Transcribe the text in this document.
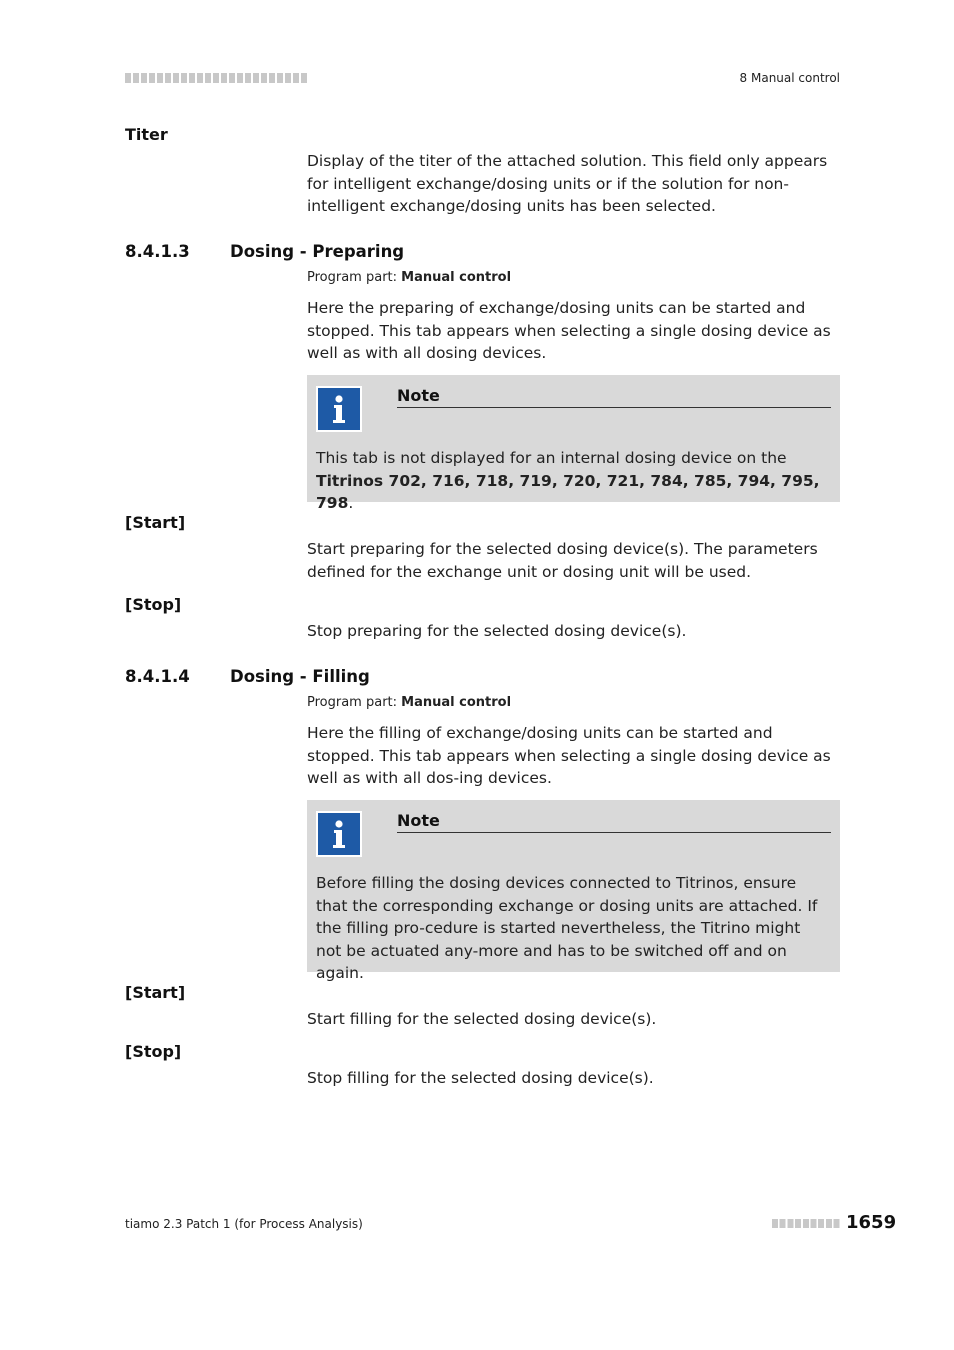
8 Manual control
Titer
Display of the titer of the attached solution. This field only appears for intelligent exchange/dosing units or if the solution for non-intelligent exchange/dosing units has been selected.
8.4.1.3 Dosing - Preparing
Program part: Manual control
Here the preparing of exchange/dosing units can be started and stopped. This tab appears when selecting a single dosing device as well as with all dosing devices.
Note
This tab is not displayed for an internal dosing device on the Titrinos 702, 716, 718, 719, 720, 721, 784, 785, 794, 795, 798.
[Start]
Start preparing for the selected dosing device(s). The parameters defined for the exchange unit or dosing unit will be used.
[Stop]
Stop preparing for the selected dosing device(s).
8.4.1.4 Dosing - Filling
Program part: Manual control
Here the filling of exchange/dosing units can be started and stopped. This tab appears when selecting a single dosing device as well as with all dos-ing devices.
Note
Before filling the dosing devices connected to Titrinos, ensure that the corresponding exchange or dosing units are attached. If the filling pro-cedure is started nevertheless, the Titrino might not be actuated any-more and has to be switched off and on again.
[Start]
Start filling for the selected dosing device(s).
[Stop]
Stop filling for the selected dosing device(s).
tiamo 2.3 Patch 1 (for Process Analysis)	1659
